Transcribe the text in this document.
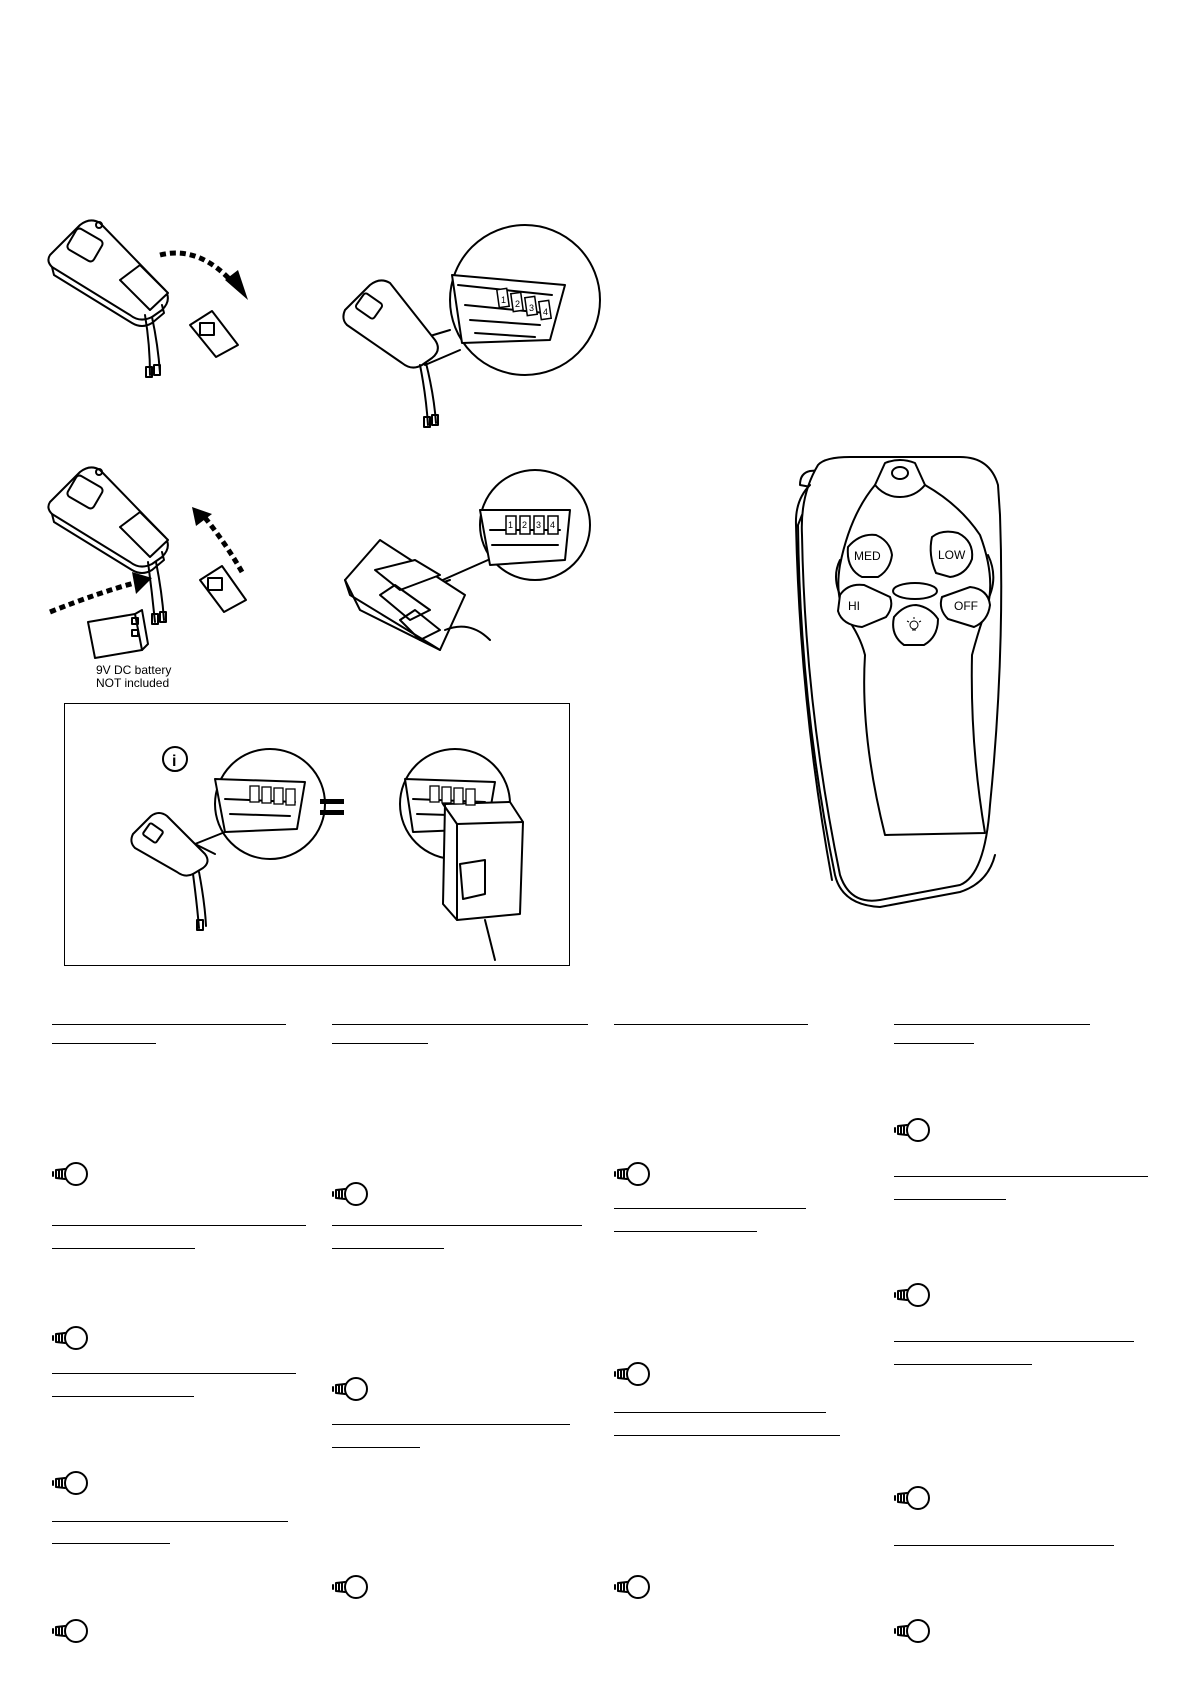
1 2 3 4
9V DC battery
NOT included
1 2 3 4
i
MED	LOW
HI	OFF
